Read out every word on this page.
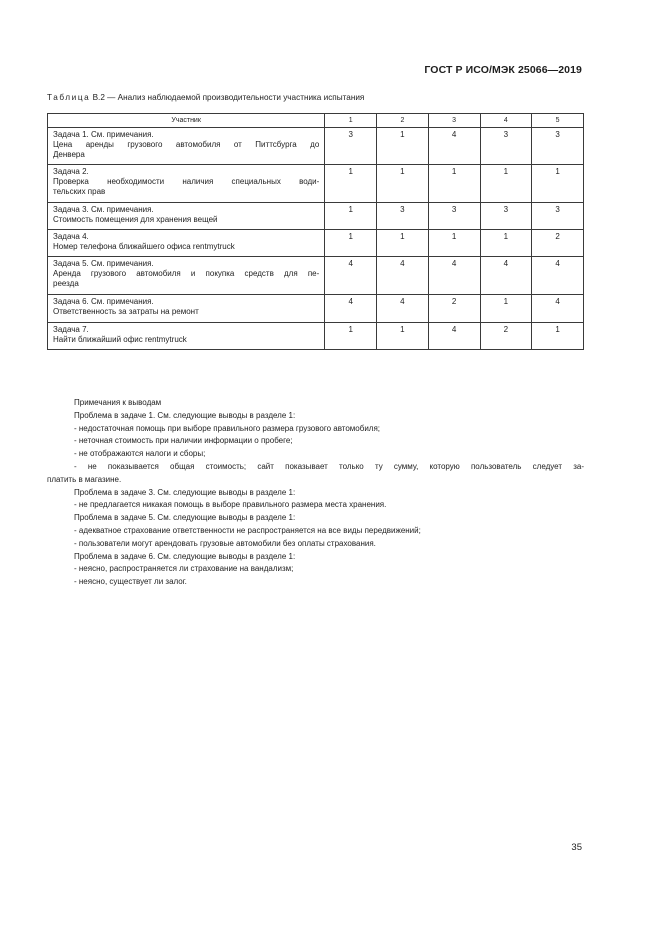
ГОСТ Р ИСО/МЭК 25066—2019
Таблица В.2 — Анализ наблюдаемой производительности участника испытания
Участник	1	2	3	4	5

Задача 1. См. примечания.
Цена аренды грузового автомобиля от Питтсбурга до
Денвера	3	1	4	3	3

Задача 2.
Проверка необходимости наличия специальных води-
тельских прав	1	1	1	1	1

Задача 3. См. примечания.
Стоимость помещения для хранения вещей	1	3	3	3	3

Задача 4.
Номер телефона ближайшего офиса rentmytruck	1	1	1	1	2

Задача 5. См. примечания.
Аренда грузового автомобиля и покупка средств для пе-
реезда	4	4	4	4	4

Задача 6. См. примечания.
Ответственность за затраты на ремонт	4	4	2	1	4

Задача 7.
Найти ближайший офис rentmytruck	1	1	4	2	1
Примечания к выводам
Проблема в задаче 1. См. следующие выводы в разделе 1:
- недостаточная помощь при выборе правильного размера грузового автомобиля;
- неточная стоимость при наличии информации о пробеге;
- не отображаются налоги и сборы;
- не показывается общая стоимость; сайт показывает только ту сумму, которую пользователь следует за-
платить в магазине.
Проблема в задаче 3. См. следующие выводы в разделе 1:
- не предлагается никакая помощь в выборе правильного размера места хранения.
Проблема в задаче 5. См. следующие выводы в разделе 1:
- адекватное страхование ответственности не распространяется на все виды передвижений;
- пользователи могут арендовать грузовые автомобили без оплаты страхования.
Проблема в задаче 6. См. следующие выводы в разделе 1:
- неясно, распространяется ли страхование на вандализм;
- неясно, существует ли залог.
35
